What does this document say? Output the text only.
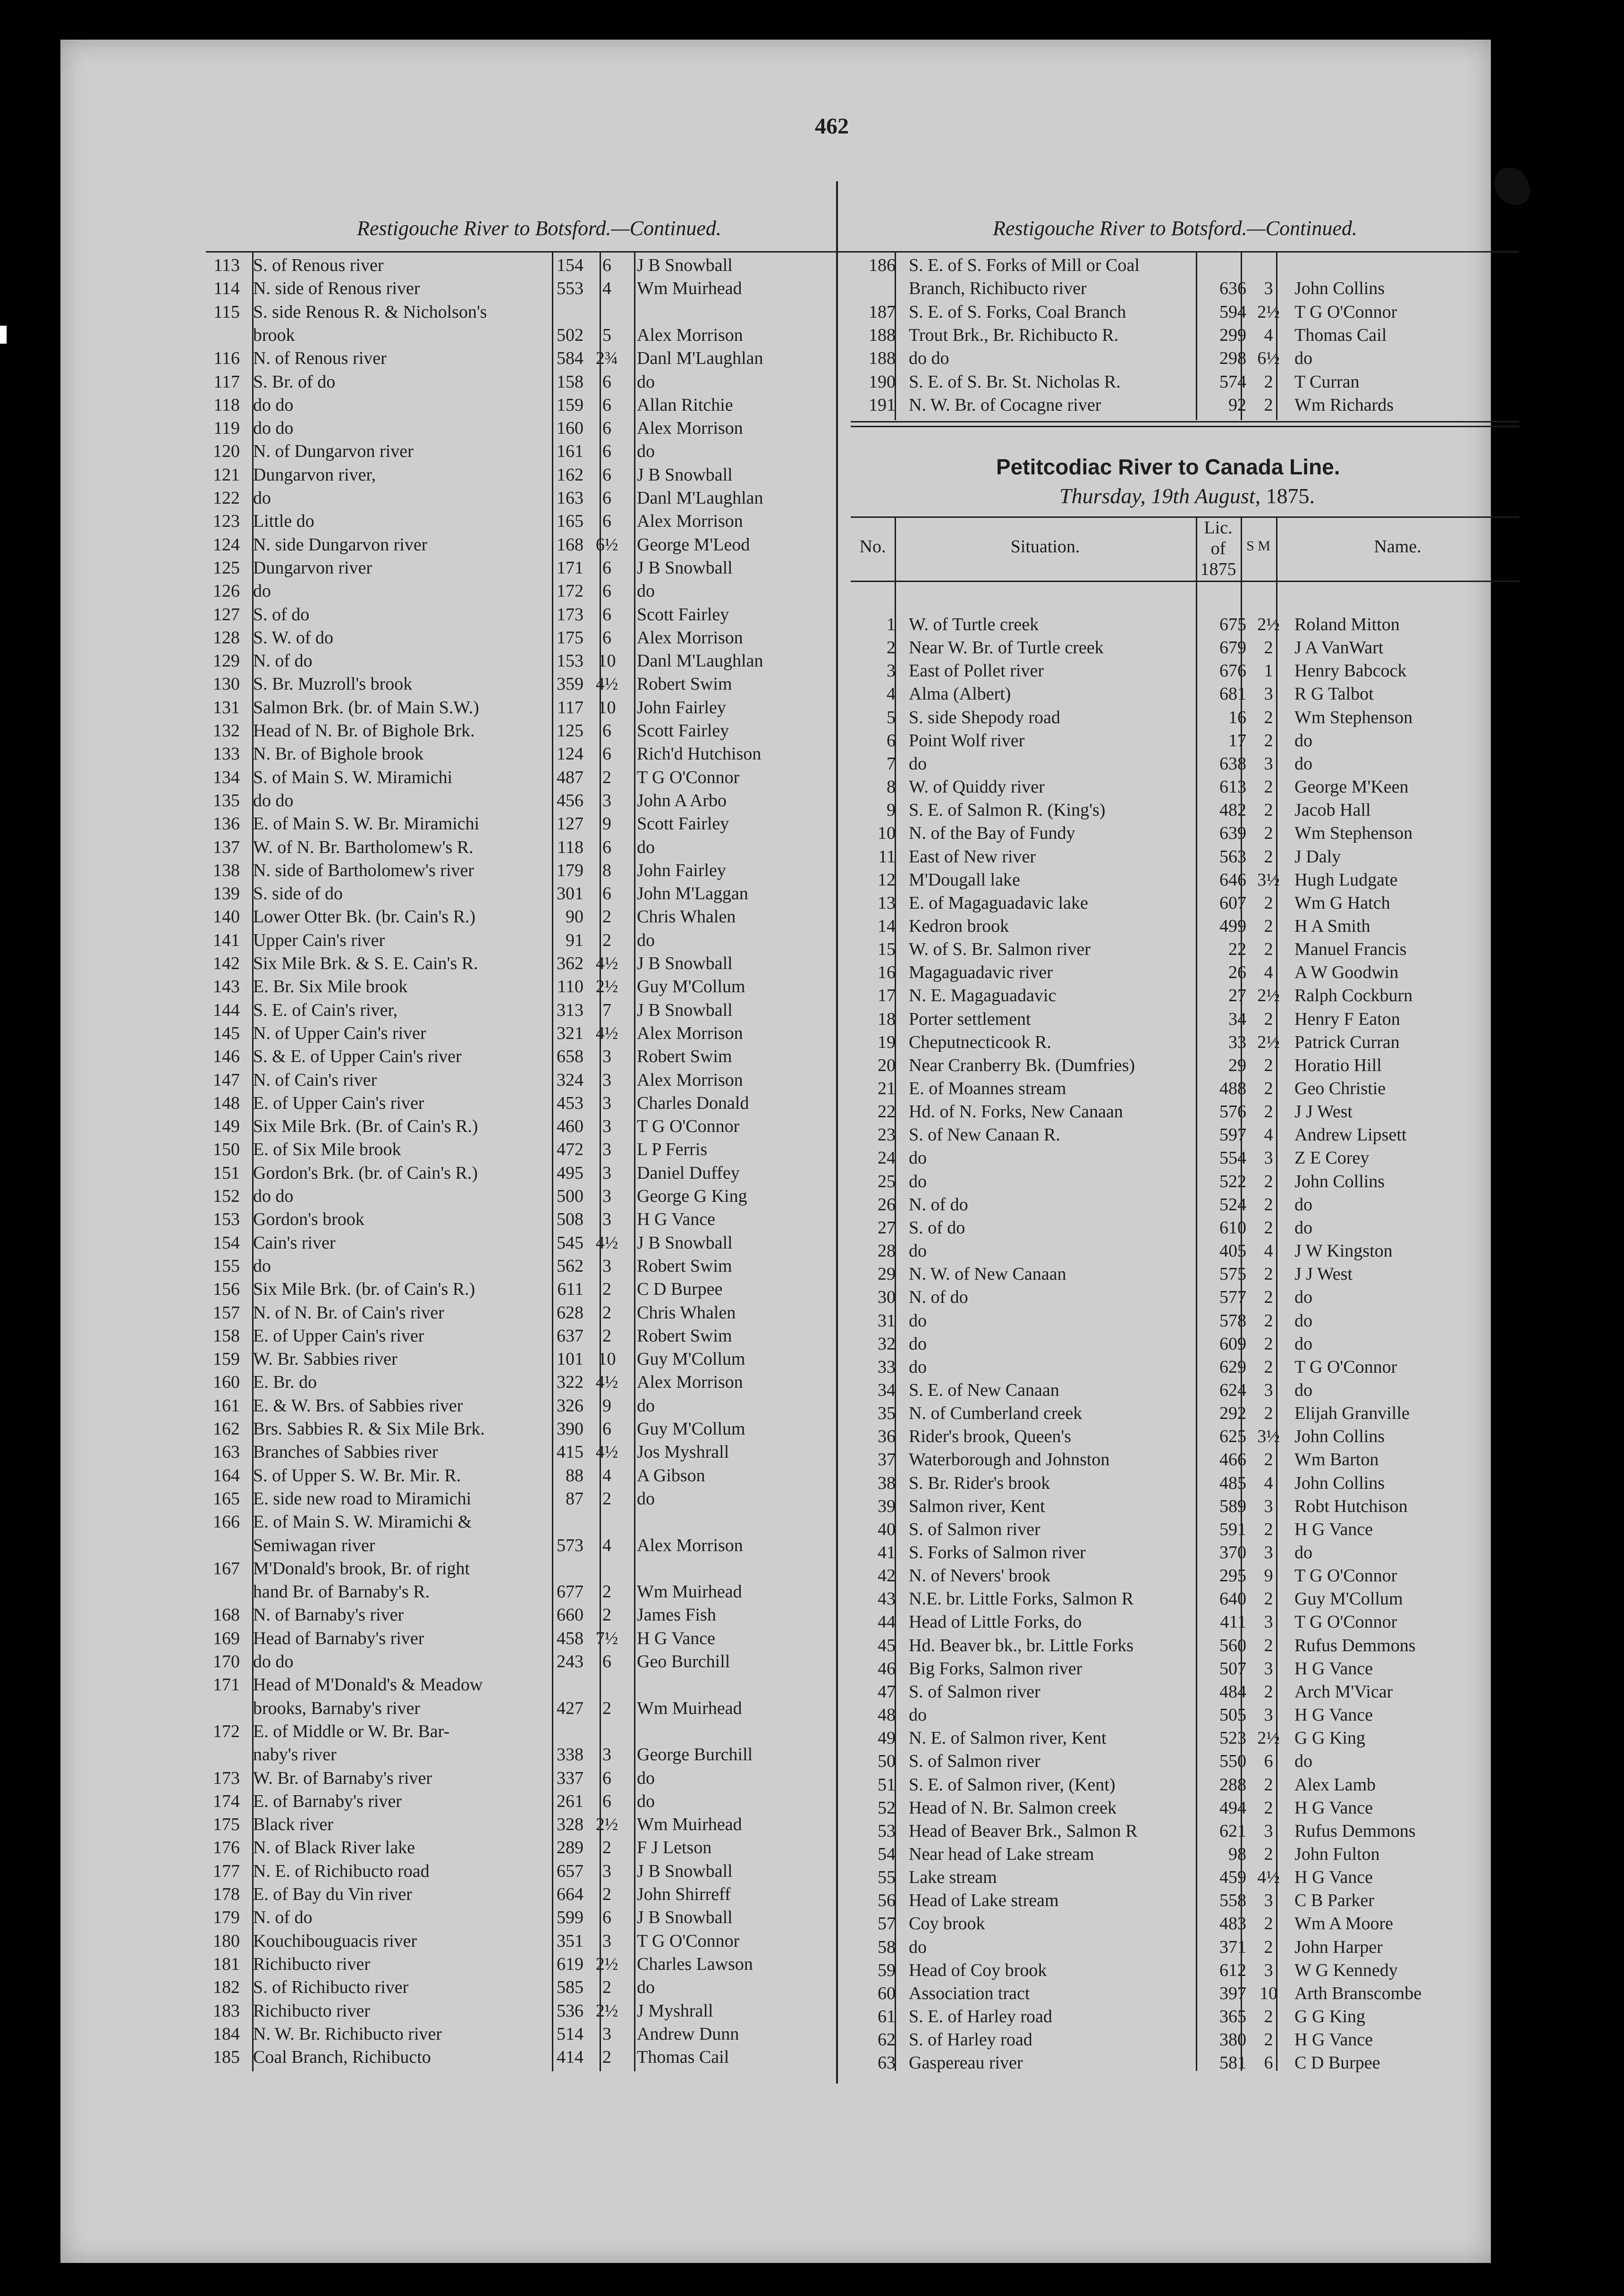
462
Restigouche River to Botsford.—Continued.	Restigouche River to Botsford.—Continued.
Petitcodiac River to Canada Line.
Thursday, 19th August, 1875.
No.	Situation.
Lic.
of
1875
S M	Name.
113 S. of Renous river	154	6	J B Snowball
114 N. side of Renous river	553	4	Wm Muirhead
115 S. side Renous R. & Nicholson's
brook	502	5	Alex Morrison
116 N. of Renous river	584 2¾	Danl M'Laughlan
117 S. Br. of do	158	6	do
118 do do	159	6	Allan Ritchie
119 do do	160	6	Alex Morrison
120 N. of Dungarvon river	161	6	do
121 Dungarvon river,	162	6	J B Snowball
122 do	163	6	Danl M'Laughlan
123 Little do	165	6	Alex Morrison
124 N. side Dungarvon river	168 6½	George M'Leod
125 Dungarvon river	171	6	J B Snowball
126 do	172	6	do
127 S. of do	173	6	Scott Fairley
128 S. W. of do	175	6	Alex Morrison
129 N. of do	153 10	Danl M'Laughlan
130 S. Br. Muzroll's brook	359 4½	Robert Swim
131 Salmon Brk. (br. of Main S.W.)	117 10	John Fairley
132 Head of N. Br. of Bighole Brk.	125	6	Scott Fairley
133 N. Br. of Bighole brook	124	6	Rich'd Hutchison
134 S. of Main S. W. Miramichi	487	2	T G O'Connor
135 do do	456	3	John A Arbo
136 E. of Main S. W. Br. Miramichi	127	9	Scott Fairley
137 W. of N. Br. Bartholomew's R.	118	6	do
138 N. side of Bartholomew's river	179	8	John Fairley
139 S. side of do	301	6	John M'Laggan
140 Lower Otter Bk. (br. Cain's R.)	90	2	Chris Whalen
141 Upper Cain's river	91	2	do
142 Six Mile Brk. & S. E. Cain's R.	362 4½	J B Snowball
143 E. Br. Six Mile brook	110 2½	Guy M'Collum
144 S. E. of Cain's river,	313	7	J B Snowball
145 N. of Upper Cain's river	321 4½	Alex Morrison
146 S. & E. of Upper Cain's river	658	3	Robert Swim
147 N. of Cain's river	324	3	Alex Morrison
148 E. of Upper Cain's river	453	3	Charles Donald
149 Six Mile Brk. (Br. of Cain's R.)	460	3	T G O'Connor
150 E. of Six Mile brook	472	3	L P Ferris
151 Gordon's Brk. (br. of Cain's R.)	495	3	Daniel Duffey
152 do do	500	3	George G King
153 Gordon's brook	508	3	H G Vance
154 Cain's river	545 4½	J B Snowball
155 do	562	3	Robert Swim
156 Six Mile Brk. (br. of Cain's R.)	611	2	C D Burpee
157 N. of N. Br. of Cain's river	628	2	Chris Whalen
158 E. of Upper Cain's river	637	2	Robert Swim
159 W. Br. Sabbies river	101 10	Guy M'Collum
160 E. Br. do	322 4½	Alex Morrison
161 E. & W. Brs. of Sabbies river	326	9	do
162 Brs. Sabbies R. & Six Mile Brk.	390	6	Guy M'Collum
163 Branches of Sabbies river	415 4½	Jos Myshrall
164 S. of Upper S. W. Br. Mir. R.	88	4	A Gibson
165 E. side new road to Miramichi	87	2	do
166 E. of Main S. W. Miramichi &
Semiwagan river	573	4	Alex Morrison
167 M'Donald's brook, Br. of right
hand Br. of Barnaby's R.	677	2	Wm Muirhead
168 N. of Barnaby's river	660	2	James Fish
169 Head of Barnaby's river	458 7½	H G Vance
170 do do	243	6	Geo Burchill
171 Head of M'Donald's & Meadow
brooks, Barnaby's river	427	2	Wm Muirhead
172 E. of Middle or W. Br. Bar-
naby's river	338	3	George Burchill
173 W. Br. of Barnaby's river	337	6	do
174 E. of Barnaby's river	261	6	do
175 Black river	328 2½	Wm Muirhead
176 N. of Black River lake	289	2	F J Letson
177 N. E. of Richibucto road	657	3	J B Snowball
178 E. of Bay du Vin river	664	2	John Shirreff
179 N. of do	599	6	J B Snowball
180 Kouchibouguacis river	351	3	T G O'Connor
181 Richibucto river	619 2½	Charles Lawson
182 S. of Richibucto river	585	2	do
183 Richibucto river	536 2½	J Myshrall
184 N. W. Br. Richibucto river	514	3	Andrew Dunn
185 Coal Branch, Richibucto	414	2	Thomas Cail
186 S. E. of S. Forks of Mill or Coal
Branch, Richibucto river	636 3	John Collins
187 S. E. of S. Forks, Coal Branch	594 2½ T G O'Connor
188 Trout Brk., Br. Richibucto R.	299 4	Thomas Cail
188 do do	298 6½ do
190 S. E. of S. Br. St. Nicholas R.	574 2	T Curran
191 N. W. Br. of Cocagne river	92 2	Wm Richards
1 W. of Turtle creek	675 2½ Roland Mitton
2 Near W. Br. of Turtle creek	679 2	J A VanWart
3 East of Pollet river	676 1	Henry Babcock
4 Alma (Albert)	681 3	R G Talbot
5 S. side Shepody road	16 2	Wm Stephenson
6 Point Wolf river	17 2	do
7 do	638 3	do
8 W. of Quiddy river	613 2	George M'Keen
9 S. E. of Salmon R. (King's)	482 2	Jacob Hall
10 N. of the Bay of Fundy	639 2	Wm Stephenson
11 East of New river	563 2	J Daly
12 M'Dougall lake	646 3½ Hugh Ludgate
13 E. of Magaguadavic lake	607 2	Wm G Hatch
14 Kedron brook	499 2	H A Smith
15 W. of S. Br. Salmon river	22 2	Manuel Francis
16 Magaguadavic river	26 4	A W Goodwin
17 N. E. Magaguadavic	27 2½ Ralph Cockburn
18 Porter settlement	34 2	Henry F Eaton
19 Cheputnecticook R.	33 2½ Patrick Curran
20 Near Cranberry Bk. (Dumfries)	29 2	Horatio Hill
21 E. of Moannes stream	488 2	Geo Christie
22 Hd. of N. Forks, New Canaan	576 2	J J West
23 S. of New Canaan R.	597 4	Andrew Lipsett
24 do	554 3	Z E Corey
25 do	522 2	John Collins
26 N. of do	524 2	do
27 S. of do	610 2	do
28 do	405 4	J W Kingston
29 N. W. of New Canaan	575 2	J J West
30 N. of do	577 2	do
31 do	578 2	do
32 do	609 2	do
33 do	629 2	T G O'Connor
34 S. E. of New Canaan	624 3	do
35 N. of Cumberland creek	292 2	Elijah Granville
36 Rider's brook, Queen's	625 3½ John Collins
37 Waterborough and Johnston	466 2	Wm Barton
38 S. Br. Rider's brook	485 4	John Collins
39 Salmon river, Kent	589 3	Robt Hutchison
40 S. of Salmon river	591 2	H G Vance
41 S. Forks of Salmon river	370 3	do
42 N. of Nevers' brook	295 9	T G O'Connor
43 N.E. br. Little Forks, Salmon R	640 2	Guy M'Collum
44 Head of Little Forks, do	411 3	T G O'Connor
45 Hd. Beaver bk., br. Little Forks	560 2	Rufus Demmons
46 Big Forks, Salmon river	507 3	H G Vance
47 S. of Salmon river	484 2	Arch M'Vicar
48 do	505 3	H G Vance
49 N. E. of Salmon river, Kent	523 2½ G G King
50 S. of Salmon river	550 6	do
51 S. E. of Salmon river, (Kent)	288 2	Alex Lamb
52 Head of N. Br. Salmon creek	494 2	H G Vance
53 Head of Beaver Brk., Salmon R	621 3	Rufus Demmons
54 Near head of Lake stream	98 2	John Fulton
55 Lake stream	459 4½ H G Vance
56 Head of Lake stream	558 3	C B Parker
57 Coy brook	483 2	Wm A Moore
58 do	371 2	John Harper
59 Head of Coy brook	612 3	W G Kennedy
60 Association tract	397 10 Arth Branscombe
61 S. E. of Harley road	365 2	G G King
62 S. of Harley road	380 2	H G Vance
63 Gaspereau river	581 6	C D Burpee
